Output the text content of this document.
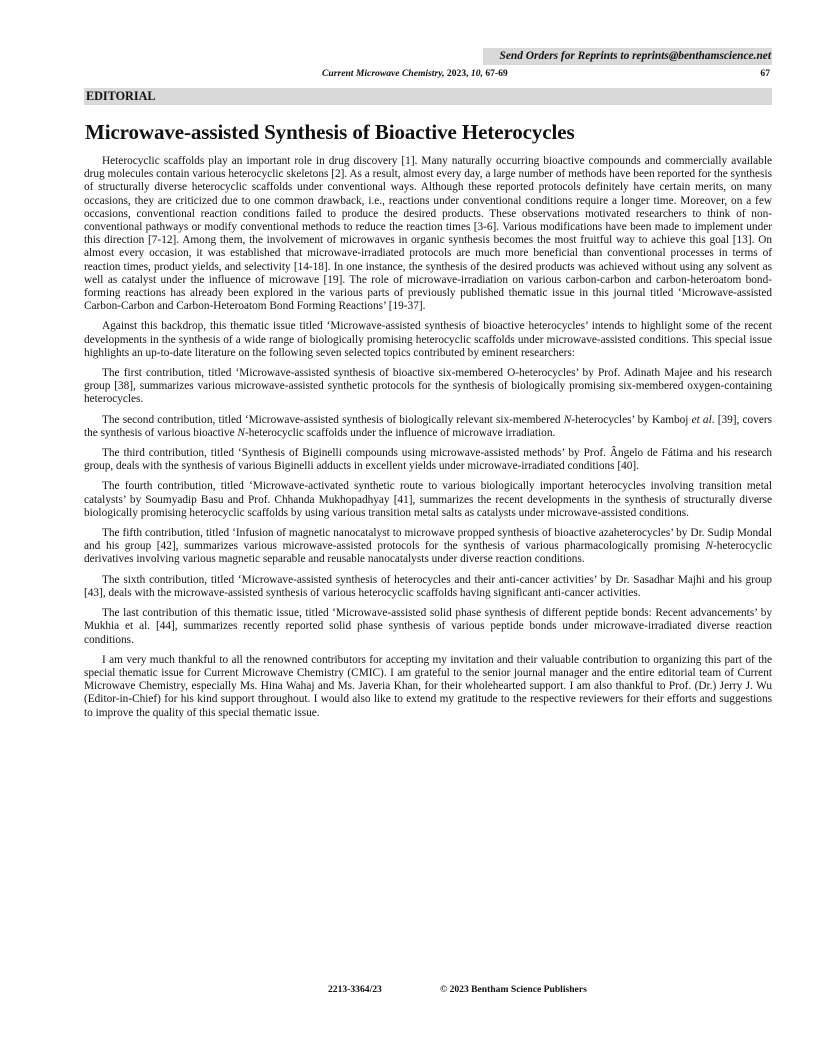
Send Orders for Reprints to reprints@benthamscience.net
Current Microwave Chemistry, 2023, 10, 67-69	67
EDITORIAL
Microwave-assisted Synthesis of Bioactive Heterocycles

Heterocyclic scaffolds play an important role in drug discovery [1]. Many naturally occurring bioactive compounds and commercially available drug molecules contain various heterocyclic skeletons [2]. As a result, almost every day, a large number of methods have been reported for the synthesis of structurally diverse heterocyclic scaffolds under conventional ways. Although these reported protocols definitely have certain merits, on many occasions, they are criticized due to one common drawback, i.e., reactions under conventional conditions require a longer time. Moreover, on a few occasions, conventional reaction conditions failed to produce the desired products. These observations motivated researchers to think of non-conventional pathways or modify conventional methods to reduce the reaction times [3-6]. Various modifications have been made to implement under this direction [7-12]. Among them, the involvement of microwaves in organic synthesis becomes the most fruitful way to achieve this goal [13]. On almost every occasion, it was established that microwave-irradiated protocols are much more beneficial than conventional processes in terms of reaction times, product yields, and selectivity [14-18]. In one instance, the synthesis of the desired products was achieved without using any solvent as well as catalyst under the influence of microwave [19]. The role of microwave-irradiation on various carbon-carbon and carbon-heteroatom bond-forming reactions has already been explored in the various parts of previously published thematic issue in this journal titled ‘Microwave-assisted Carbon-Carbon and Carbon-Heteroatom Bond Forming Reactions’ [19-37].

Against this backdrop, this thematic issue titled ‘Microwave-assisted synthesis of bioactive heterocycles’ intends to highlight some of the recent developments in the synthesis of a wide range of biologically promising heterocyclic scaffolds under microwave-assisted conditions. This special issue highlights an up-to-date literature on the following seven selected topics contributed by eminent researchers:

The first contribution, titled ‘Microwave-assisted synthesis of bioactive six-membered O-heterocycles’ by Prof. Adinath Majee and his research group [38], summarizes various microwave-assisted synthetic protocols for the synthesis of biologically promising six-membered oxygen-containing heterocycles.

The second contribution, titled ‘Microwave-assisted synthesis of biologically relevant six-membered N-heterocycles’ by Kamboj et al. [39], covers the synthesis of various bioactive N-heterocyclic scaffolds under the influence of microwave irradiation.

The third contribution, titled ‘Synthesis of Biginelli compounds using microwave-assisted methods’ by Prof. Ângelo de Fátima and his research group, deals with the synthesis of various Biginelli adducts in excellent yields under microwave-irradiated conditions [40].

The fourth contribution, titled ‘Microwave-activated synthetic route to various biologically important heterocycles involving transition metal catalysts’ by Soumyadip Basu and Prof. Chhanda Mukhopadhyay [41], summarizes the recent developments in the synthesis of structurally diverse biologically promising heterocyclic scaffolds by using various transition metal salts as catalysts under microwave-assisted conditions.

The fifth contribution, titled ‘Infusion of magnetic nanocatalyst to microwave propped synthesis of bioactive azaheterocycles’ by Dr. Sudip Mondal and his group [42], summarizes various microwave-assisted protocols for the synthesis of various pharmacologically promising N-heterocyclic derivatives involving various magnetic separable and reusable nanocatalysts under diverse reaction conditions.

The sixth contribution, titled ‘Microwave-assisted synthesis of heterocycles and their anti-cancer activities’ by Dr. Sasadhar Majhi and his group [43], deals with the microwave-assisted synthesis of various heterocyclic scaffolds having significant anti-cancer activities.

The last contribution of this thematic issue, titled ‘Microwave-assisted solid phase synthesis of different peptide bonds: Recent advancements’ by Mukhia et al. [44], summarizes recently reported solid phase synthesis of various peptide bonds under microwave-irradiated diverse reaction conditions.

I am very much thankful to all the renowned contributors for accepting my invitation and their valuable contribution to organizing this part of the special thematic issue for Current Microwave Chemistry (CMIC). I am grateful to the senior journal manager and the entire editorial team of Current Microwave Chemistry, especially Ms. Hina Wahaj and Ms. Javeria Khan, for their wholehearted support. I am also thankful to Prof. (Dr.) Jerry J. Wu (Editor-in-Chief) for his kind support throughout. I would also like to extend my gratitude to the respective reviewers for their efforts and suggestions to improve the quality of this special thematic issue.

2213-3364/23	© 2023 Bentham Science Publishers
